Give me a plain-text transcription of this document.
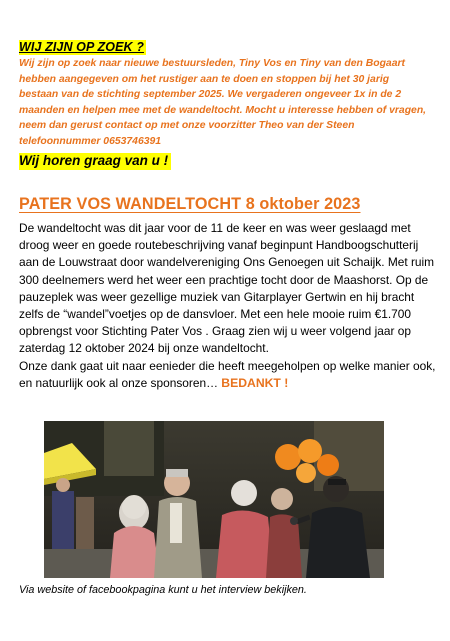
WIJ ZIJN OP ZOEK ?
Wij zijn op zoek naar nieuwe bestuursleden, Tiny Vos en Tiny van den Bogaart hebben aangegeven om het rustiger aan te doen en stoppen bij het 30 jarig bestaan van de stichting september 2025. We vergaderen ongeveer 1x in de 2 maanden en helpen mee met de wandeltocht. Mocht u interesse hebben of vragen, neem dan gerust contact op met onze voorzitter Theo van der Steen telefoonnummer 0653746391
Wij horen graag van u !
PATER VOS WANDELTOCHT 8 oktober 2023
De wandeltocht was dit jaar voor de 11 de keer en was weer geslaagd met droog weer en goede routebeschrijving vanaf beginpunt Handboogschutterij aan de Louwstraat door wandelvereniging Ons Genoegen uit Schaijk. Met ruim 300 deelnemers werd het weer een prachtige tocht door de Maashorst. Op de pauzeplek was weer gezellige muziek van Gitarplayer Gertwin en hij bracht zelfs de “wandel”voetjes op de dansvloer. Met een hele mooie ruim €1.700 opbrengst voor Stichting Pater Vos . Graag zien wij u weer volgend jaar op zaterdag 12 oktober 2024 bij onze wandeltocht.
Onze dank gaat uit naar eenieder die heeft meegeholpen op welke manier ook, en natuurlijk ook al onze sponsoren… BEDANKT !
Via website of facebookpagina kunt u het interview bekijken.
